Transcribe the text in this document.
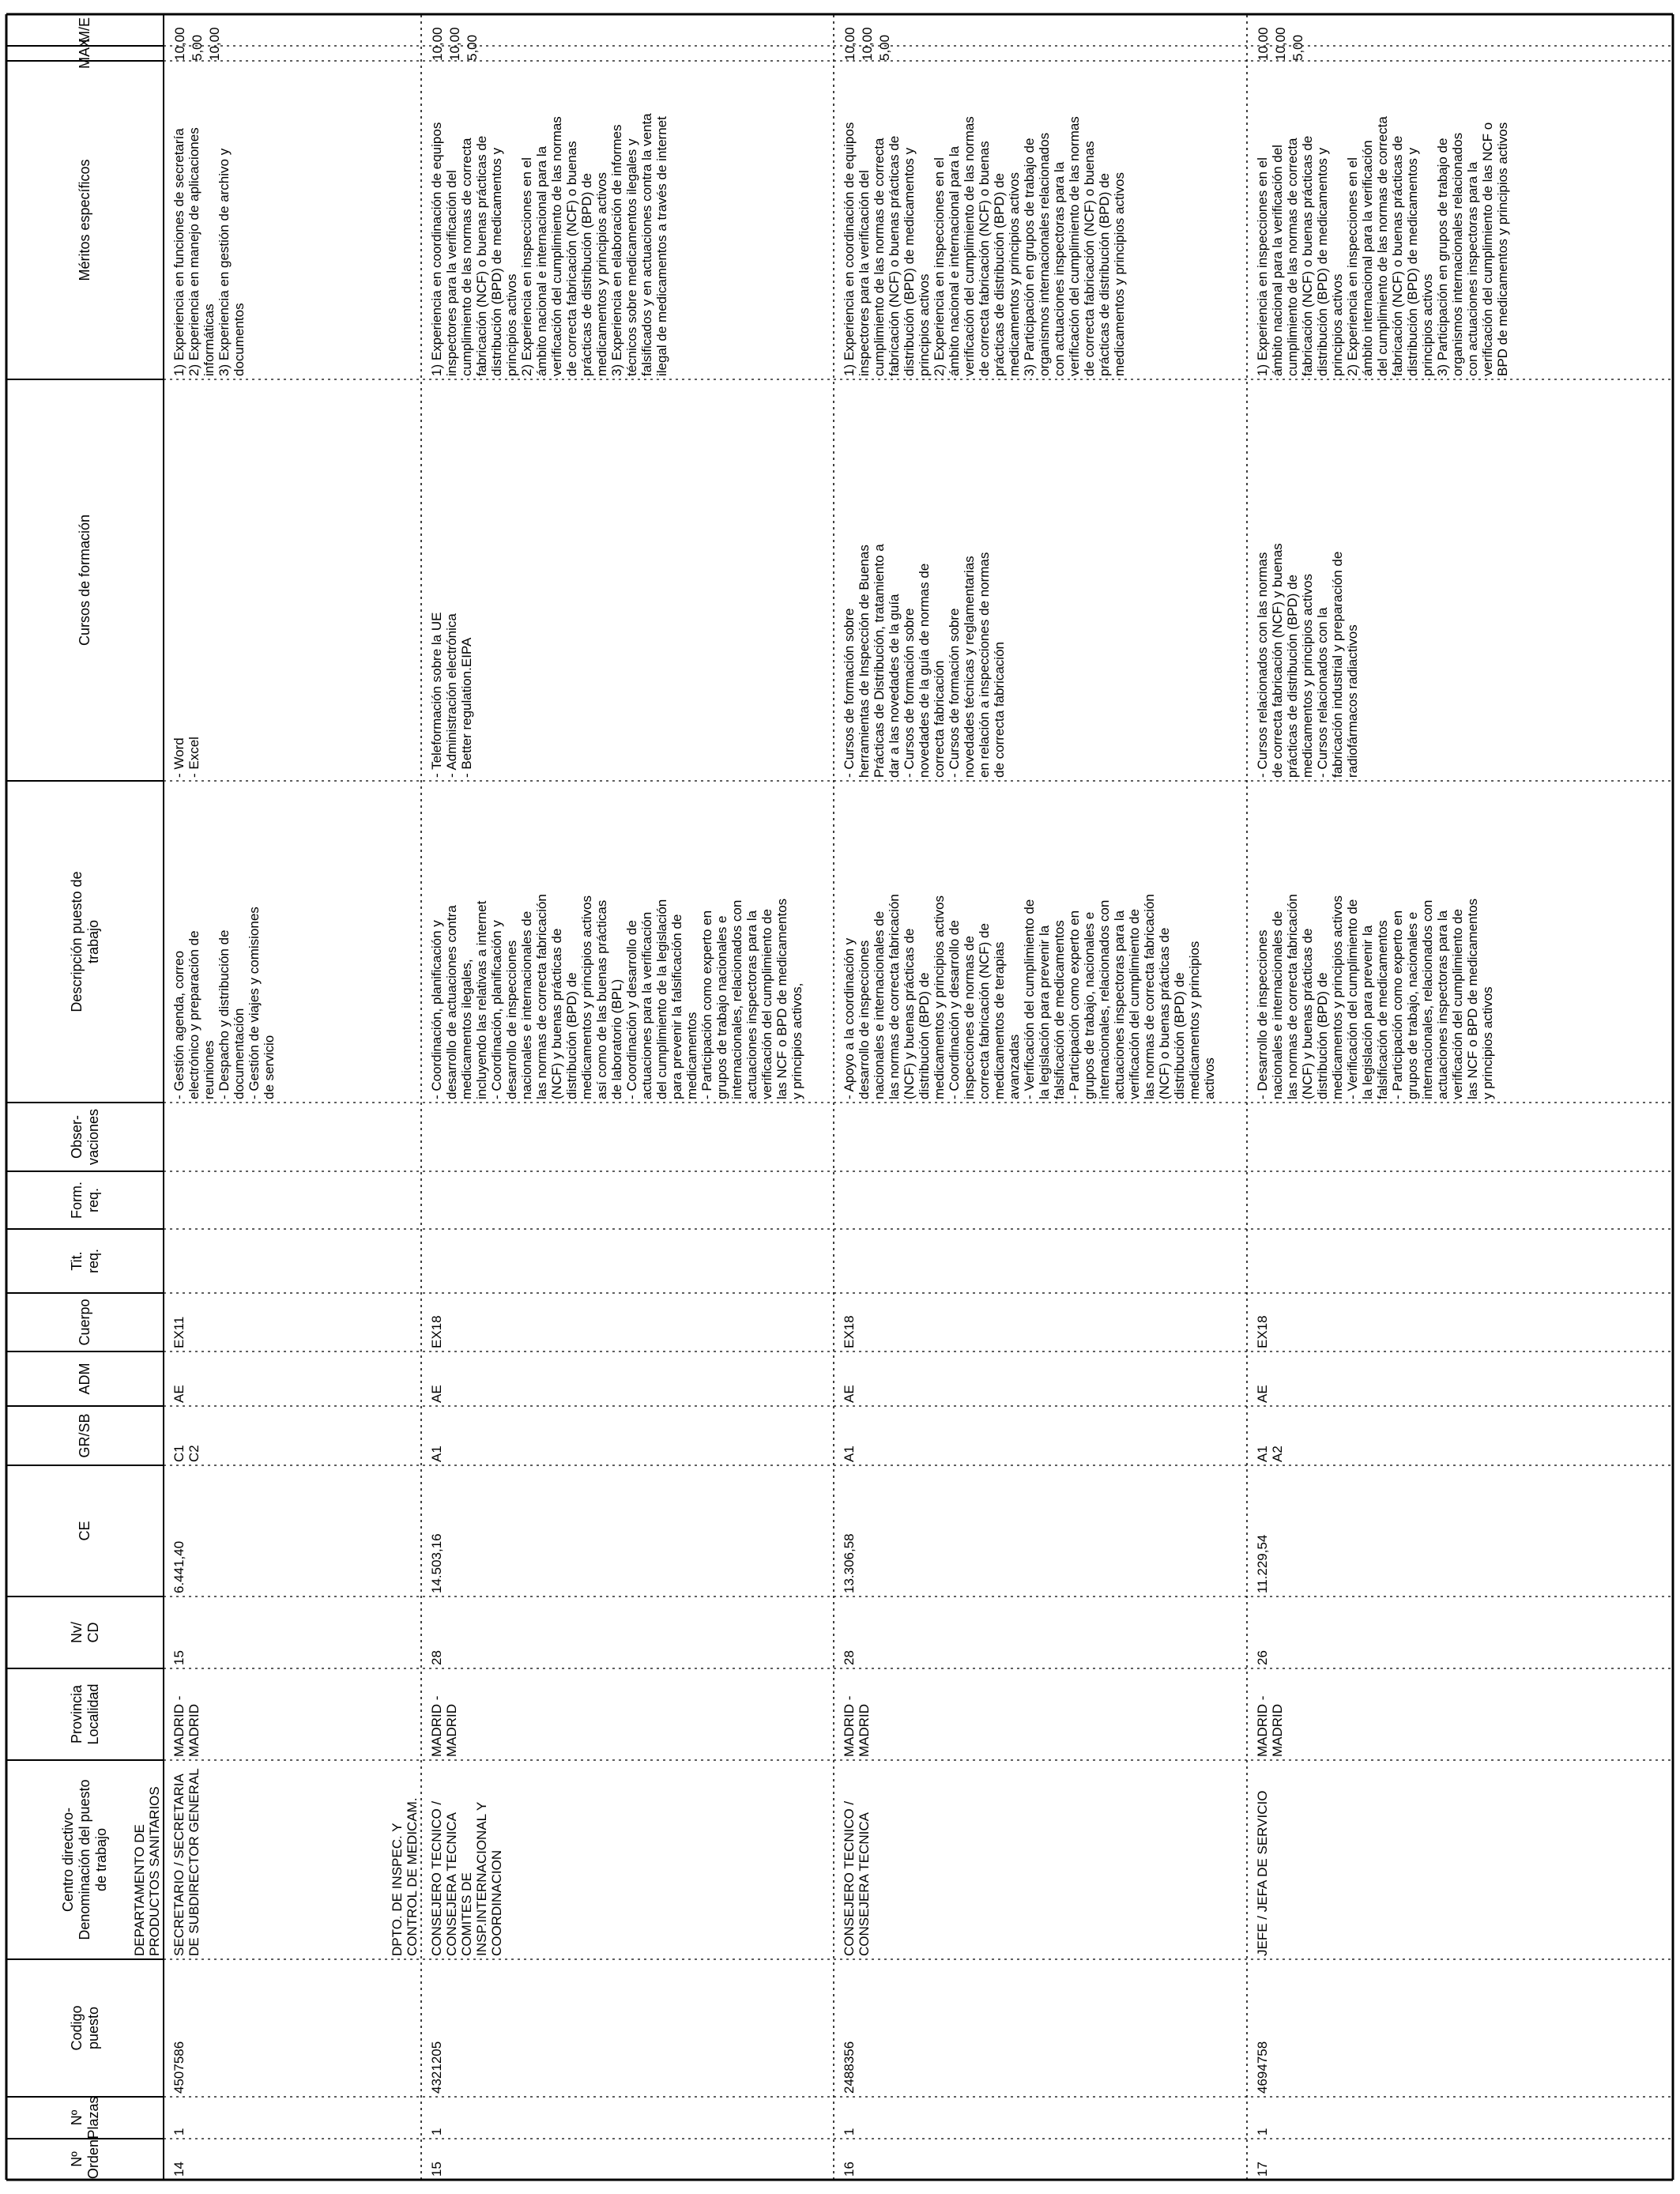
Nº
Orden
Nº
Plazas
Codigo
puesto
Centro directivo-
Denominación del puesto
de trabajo
Provincia
Localidad
Nv/
CD
CE
GR/SB
ADM
Cuerpo
Tit.
req.
Form.
req.
Obser-
vaciones
Descripción puesto de
trabajo
Cursos de formación
Méritos específicos
MAX
M/E
14
1
4507586
DEPARTAMENTO DE
PRODUCTOS SANITARIOS
SECRETARIO / SECRETARIA
DE SUBDIRECTOR GENERAL
MADRID -
MADRID
15
6.441,40
C1
C2
AE
EX11
- Gestión agenda, correo
electrónico y preparación de
reuniones
- Despacho y distribución de
documentación
- Gestión de viajes y comisiones
de servicio
- Word
- Excel
1) Experiencia en funciones de secretaría
2) Experiencia en manejo de aplicaciones
informáticas
3) Experiencia en gestión de archivo y
documentos
10,00 5,00 10,00
15
1
4321205
DPTO. DE INSPEC. Y
CONTROL DE MEDICAM.
CONSEJERO TECNICO /
CONSEJERA TECNICA
COMITES DE
INSP.INTERNACIONAL Y
COORDINACION
MADRID -
MADRID
28
14.503,16
A1
AE
EX18
- Coordinación, planificación y
desarrollo de actuaciones contra
medicamentos ilegales,
incluyendo las relativas a internet
- Coordinación, planificación y
desarrollo de inspecciones
nacionales e internacionales de
las normas de correcta fabricación
(NCF) y buenas prácticas de
distribución (BPD) de
medicamentos y principios activos
así como de las buenas prácticas
de laboratorio (BPL)
- Coordinación y desarrollo de
actuaciones para la verificación
del cumplimiento de la legislación
para prevenir la falsificación de
medicamentos
- Participación como experto en
grupos de trabajo nacionales e
internacionales, relacionados con
actuaciones inspectoras para la
verificación del cumplimiento de
las NCF o BPD de medicamentos
y principios activos,
- Teleformación sobre la UE
- Administración electrónica
- Better regulation.EIPA
1) Experiencia en coordinación de equipos
inspectores para la verificación del
cumplimiento de las normas de correcta
fabricación (NCF) o buenas prácticas de
distribución (BPD) de medicamentos y
principios activos
2) Experiencia en inspecciones en el
ámbito nacional e internacional para la
verificación del cumplimiento de las normas
de correcta fabricación (NCF) o buenas
prácticas de distribución (BPD) de
medicamentos y principios activos
3) Experiencia en elaboración de informes
técnicos sobre medicamentos ilegales y
falsificados y en actuaciones contra la venta
ilegal de medicamentos a través de internet
10,00 10,00 5,00
16
1
2488356
CONSEJERO TECNICO /
CONSEJERA TECNICA
MADRID -
MADRID
28
13.306,58
A1
AE
EX18
- Apoyo a la coordinación y
desarrollo de inspecciones
nacionales e internacionales de
las normas de correcta fabricación
(NCF) y buenas prácticas de
distribución (BPD) de
medicamentos y principios activos
- Coordinación y desarrollo de
inspecciones de normas de
correcta fabricación (NCF) de
medicamentos de terapias
avanzadas
- Verificación del cumplimiento de
la legislación para prevenir la
falsificación de medicamentos
- Participación como experto en
grupos de trabajo, nacionales e
internacionales, relacionados con
actuaciones inspectoras para la
verificación del cumplimiento de
las normas de correcta fabricación
(NCF) o buenas prácticas de
distribución (BPD) de
medicamentos y principios
activos
- Cursos de formación sobre
herramientas de Inspección de Buenas
Prácticas de Distribución, tratamiento a
dar a las novedades de la guía
- Cursos de formación sobre
novedades de la guía de normas de
correcta fabricación
- Cursos de formación sobre
novedades técnicas y reglamentarias
en relación a inspecciones de normas
de correcta fabricación
1) Experiencia en coordinación de equipos
inspectores para la verificación del
cumplimiento de las normas de correcta
fabricación (NCF) o buenas prácticas de
distribución (BPD) de medicamentos y
principios activos
2) Experiencia en inspecciones en el
ámbito nacional e internacional para la
verificación del cumplimiento de las normas
de correcta fabricación (NCF) o buenas
prácticas de distribución (BPD) de
medicamentos y principios activos
3) Participación en grupos de trabajo de
organismos internacionales relacionados
con actuaciones inspectoras para la
verificación del cumplimiento de las normas
de correcta fabricación (NCF) o buenas
prácticas de distribución (BPD) de
medicamentos y principios activos
10,00 10,00 5,00
17
1
4694758
JEFE / JEFA DE SERVICIO
MADRID -
MADRID
26
11.229,54
A1
A2
AE
EX18
- Desarrollo de inspecciones
nacionales e internacionales de
las normas de correcta fabricación
(NCF) y buenas prácticas de
distribución (BPD) de
medicamentos y principios activos
- Verificación del cumplimiento de
la legislación para prevenir la
falsificación de medicamentos
- Participación como experto en
grupos de trabajo, nacionales e
internacionales, relacionados con
actuaciones inspectoras para la
verificación del cumplimiento de
las NCF o BPD de medicamentos
y principios activos
- Cursos relacionados con las normas
de correcta fabricación (NCF) y buenas
prácticas de distribución (BPD) de
medicamentos y principios activos
- Cursos relacionados con la
fabricación industrial y preparación de
radiofármacos radiactivos
1) Experiencia en inspecciones en el
ámbito nacional para la verificación del
cumplimiento de las normas de correcta
fabricación (NCF) o buenas prácticas de
distribución (BPD) de medicamentos y
principios activos
2) Experiencia en inspecciones en el
ámbito internacional para la verificación
del cumplimiento de las normas de correcta
fabricación (NCF) o buenas prácticas de
distribución (BPD) de medicamentos y
principios activos
3) Participación en grupos de trabajo de
organismos internacionales relacionados
con actuaciones inspectoras para la
verificación del cumplimiento de las NCF o
BPD de medicamentos y principios activos
10,00 10,00 5,00
